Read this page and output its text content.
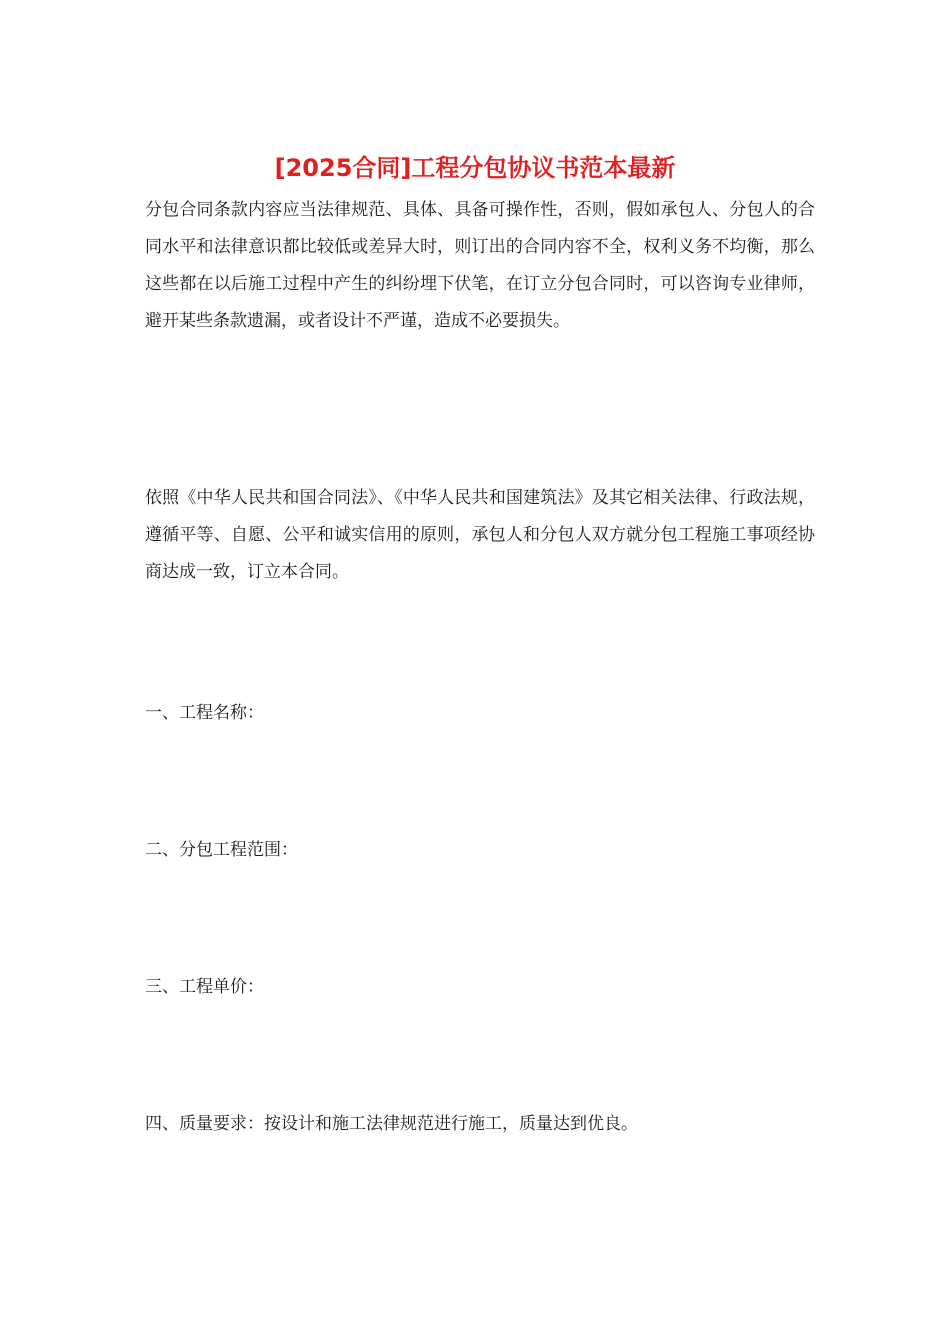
[2025合同]工程分包协议书范本最新

分包合同条款内容应当法律规范、具体、具备可操作性，否则，假如承包人、分包人的合同水平和法律意识都比较低或差异大时，则订出的合同内容不全，权利义务不均衡，那么这些都在以后施工过程中产生的纠纷埋下伏笔，在订立分包合同时，可以咨询专业律师，避开某些条款遗漏，或者设计不严谨，造成不必要损失。

依照《中华人民共和国合同法》、《中华人民共和国建筑法》及其它相关法律、行政法规，遵循平等、自愿、公平和诚实信用的原则，承包人和分包人双方就分包工程施工事项经协商达成一致，订立本合同。

一、工程名称：

二、分包工程范围：

三、工程单价：

四、质量要求：按设计和施工法律规范进行施工，质量达到优良。
